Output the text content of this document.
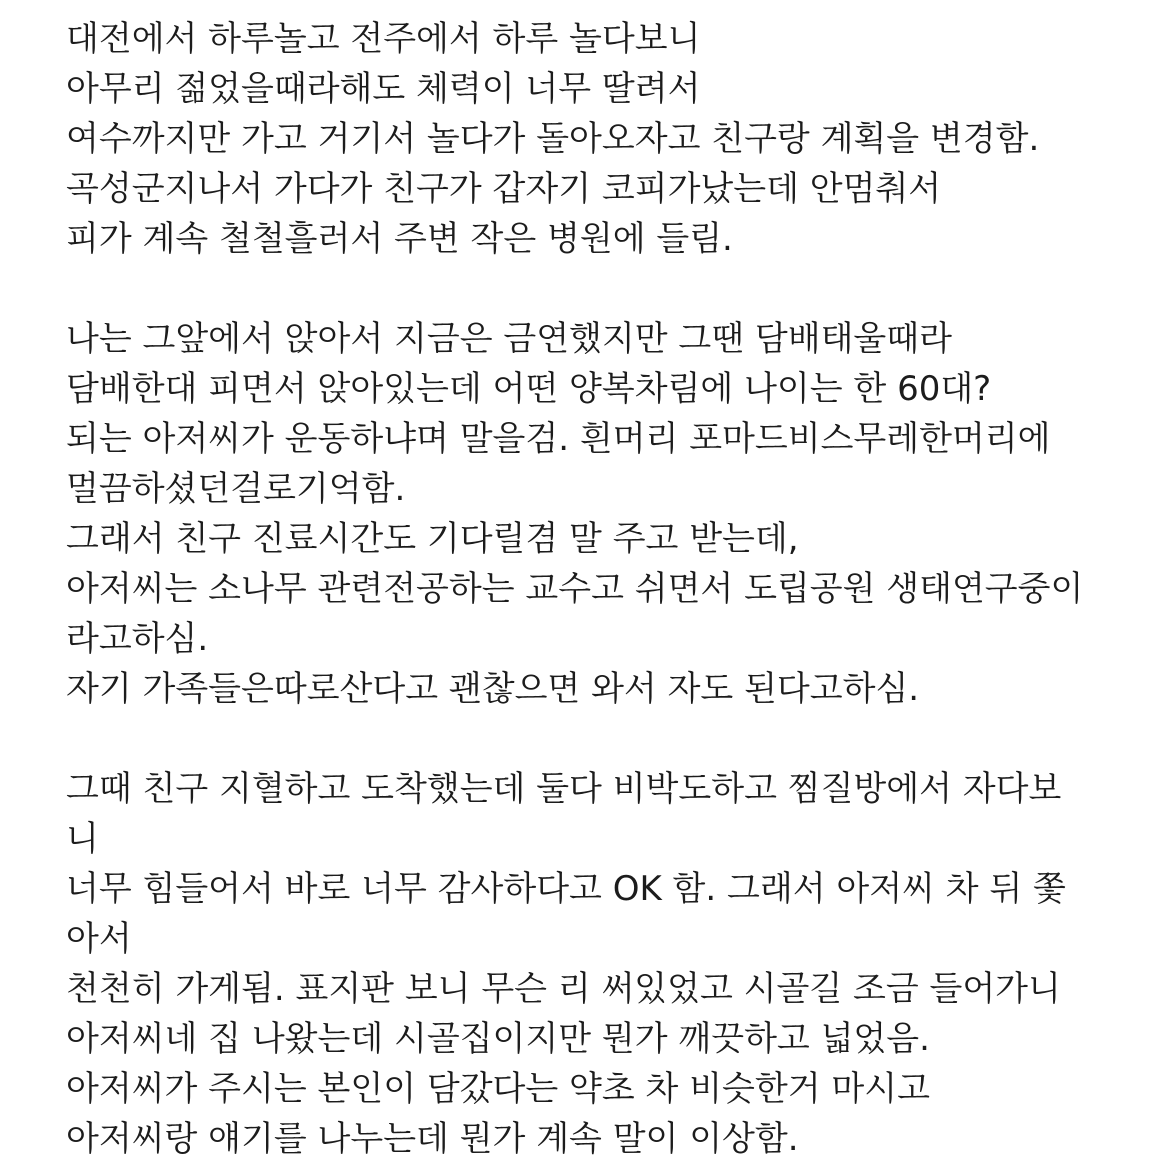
대전에서 하루놀고 전주에서 하루 놀다보니
아무리 젊었을때라해도 체력이 너무 딸려서
여수까지만 가고 거기서 놀다가 돌아오자고 친구랑 계획을 변경함.
곡성군지나서 가다가 친구가 갑자기 코피가났는데 안멈춰서
피가 계속 철철흘러서 주변 작은 병원에 들림.
나는 그앞에서 앉아서 지금은 금연했지만 그땐 담배태울때라
담배한대 피면서 앉아있는데 어떤 양복차림에 나이는 한 60대?
되는 아저씨가 운동하냐며 말을검. 흰머리 포마드비스무레한머리에
멀끔하셨던걸로기억함.
그래서 친구 진료시간도 기다릴겸 말 주고 받는데,
아저씨는 소나무 관련전공하는 교수고 쉬면서 도립공원 생태연구중이
라고하심.
자기 가족들은따로산다고 괜찮으면 와서 자도 된다고하심.
그때 친구 지혈하고 도착했는데 둘다 비박도하고 찜질방에서 자다보
니
너무 힘들어서 바로 너무 감사하다고 OK 함. 그래서 아저씨 차 뒤 쫓
아서
천천히 가게됨. 표지판 보니 무슨 리 써있었고 시골길 조금 들어가니
아저씨네 집 나왔는데 시골집이지만 뭔가 깨끗하고 넓었음.
아저씨가 주시는 본인이 담갔다는 약초 차 비슷한거 마시고
아저씨랑 얘기를 나누는데 뭔가 계속 말이 이상함.
